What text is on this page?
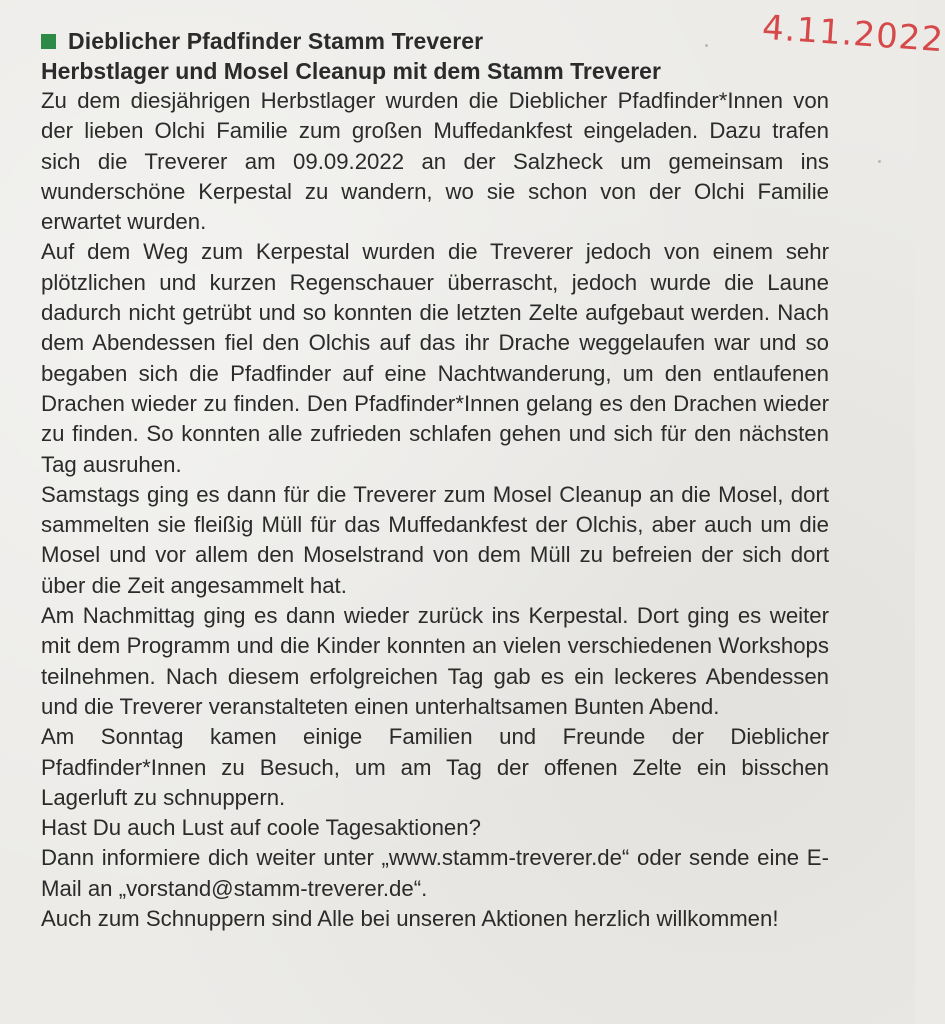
4.11.2022
Dieblicher Pfadfinder Stamm Treverer
Herbstlager und Mosel Cleanup mit dem Stamm Treverer

Zu dem diesjährigen Herbstlager wurden die Dieblicher Pfadfinder*Innen von der lieben Olchi Familie zum großen Muffedankfest eingeladen. Dazu trafen sich die Treverer am 09.09.2022 an der Salzheck um gemeinsam ins wunderschöne Kerpestal zu wandern, wo sie schon von der Olchi Familie erwartet wurden.

Auf dem Weg zum Kerpestal wurden die Treverer jedoch von einem sehr plötzlichen und kurzen Regenschauer überrascht, jedoch wurde die Laune dadurch nicht getrübt und so konnten die letzten Zelte aufgebaut werden. Nach dem Abendessen fiel den Olchis auf das ihr Drache weggelaufen war und so begaben sich die Pfadfinder auf eine Nachtwanderung, um den entlaufenen Drachen wieder zu finden. Den Pfadfinder*Innen gelang es den Drachen wieder zu finden. So konnten alle zufrieden schlafen gehen und sich für den nächsten Tag ausruhen.

Samstags ging es dann für die Treverer zum Mosel Cleanup an die Mosel, dort sammelten sie fleißig Müll für das Muffedankfest der Olchis, aber auch um die Mosel und vor allem den Moselstrand von dem Müll zu befreien der sich dort über die Zeit angesammelt hat.

Am Nachmittag ging es dann wieder zurück ins Kerpestal. Dort ging es weiter mit dem Programm und die Kinder konnten an vielen verschiedenen Workshops teilnehmen. Nach diesem erfolgreichen Tag gab es ein leckeres Abendessen und die Treverer veranstalteten einen unterhaltsamen Bunten Abend.

Am Sonntag kamen einige Familien und Freunde der Dieblicher Pfadfinder*Innen zu Besuch, um am Tag der offenen Zelte ein bisschen Lagerluft zu schnuppern.

Hast Du auch Lust auf coole Tagesaktionen?

Dann informiere dich weiter unter „www.stamm-treverer.de“ oder sende eine E-Mail an „vorstand@stamm-treverer.de“.

Auch zum Schnuppern sind Alle bei unseren Aktionen herzlich willkommen!
